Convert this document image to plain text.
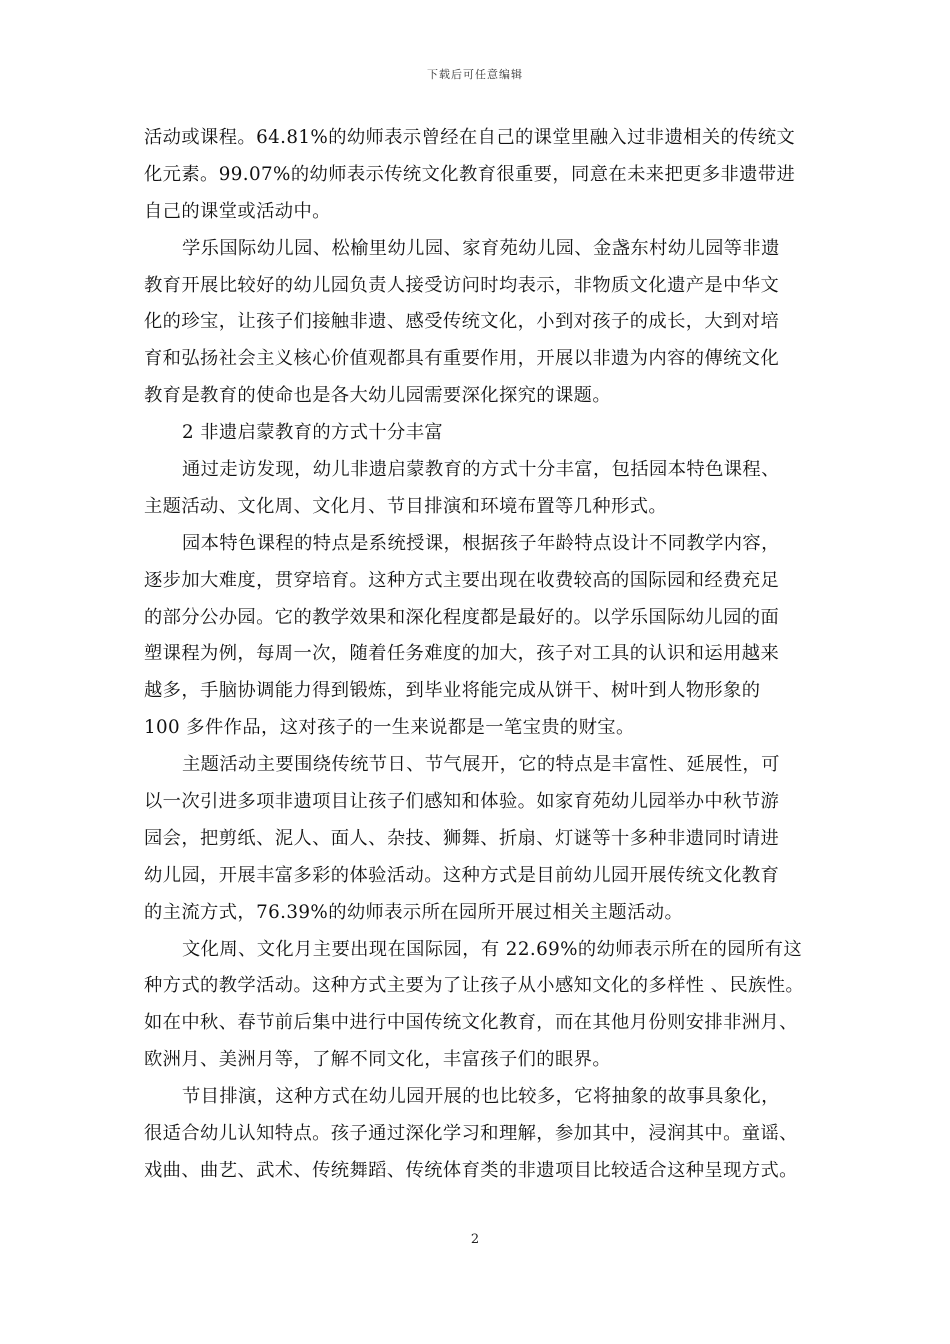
下载后可任意编辑
活动或课程。64.81%的幼师表示曾经在自己的课堂里融入过非遗相关的传统文
化元素。99.07%的幼师表示传统文化教育很重要，同意在未来把更多非遗带进
自己的课堂或活动中。
学乐国际幼儿园、松榆里幼儿园、家育苑幼儿园、金盏东村幼儿园等非遗
教育开展比较好的幼儿园负责人接受访问时均表示，非物质文化遗产是中华文
化的珍宝，让孩子们接触非遗、感受传统文化，小到对孩子的成长，大到对培
育和弘扬社会主义核心价值观都具有重要作用，开展以非遗为内容的傳统文化
教育是教育的使命也是各大幼儿园需要深化探究的课题。
2 非遗启蒙教育的方式十分丰富
通过走访发现，幼儿非遗启蒙教育的方式十分丰富，包括园本特色课程、
主题活动、文化周、文化月、节目排演和环境布置等几种形式。
园本特色课程的特点是系统授课，根据孩子年龄特点设计不同教学内容，
逐步加大难度，贯穿培育。这种方式主要出现在收费较高的国际园和经费充足
的部分公办园。它的教学效果和深化程度都是最好的。以学乐国际幼儿园的面
塑课程为例，每周一次，随着任务难度的加大，孩子对工具的认识和运用越来
越多，手脑协调能力得到锻炼，到毕业将能完成从饼干、树叶到人物形象的
100 多件作品，这对孩子的一生来说都是一笔宝贵的财宝。
主题活动主要围绕传统节日、节气展开，它的特点是丰富性、延展性，可
以一次引进多项非遗项目让孩子们感知和体验。如家育苑幼儿园举办中秋节游
园会，把剪纸、泥人、面人、杂技、狮舞、折扇、灯谜等十多种非遗同时请进
幼儿园，开展丰富多彩的体验活动。这种方式是目前幼儿园开展传统文化教育
的主流方式，76.39%的幼师表示所在园所开展过相关主题活动。
文化周、文化月主要出现在国际园，有 22.69%的幼师表示所在的园所有这
种方式的教学活动。这种方式主要为了让孩子从小感知文化的多样性 、民族性。
如在中秋、春节前后集中进行中国传统文化教育，而在其他月份则安排非洲月、
欧洲月、美洲月等，了解不同文化，丰富孩子们的眼界。
节目排演，这种方式在幼儿园开展的也比较多，它将抽象的故事具象化，
很适合幼儿认知特点。孩子通过深化学习和理解，参加其中，浸润其中。童谣、
戏曲、曲艺、武术、传统舞蹈、传统体育类的非遗项目比较适合这种呈现方式。
2
